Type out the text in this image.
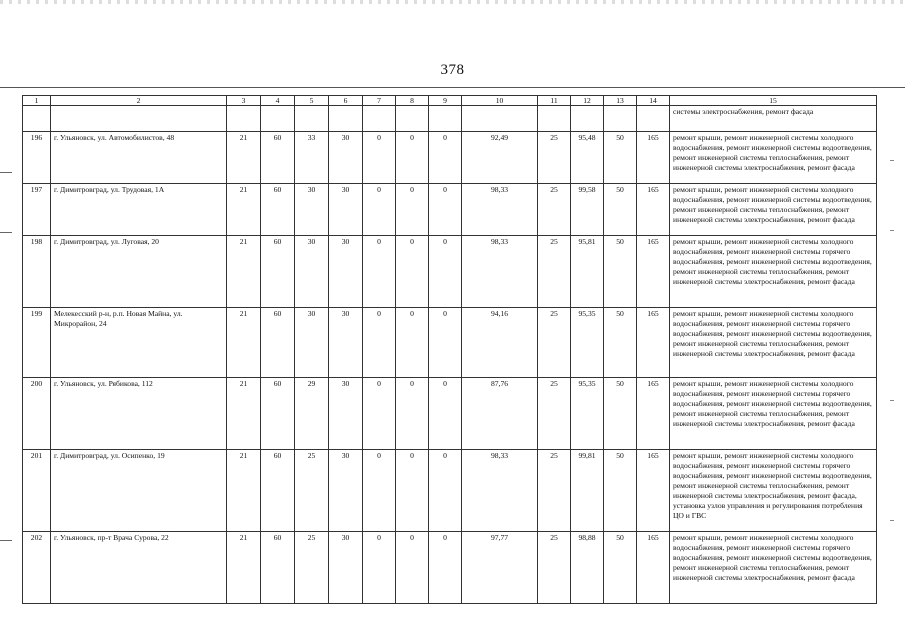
378
1	2	3	4	5	6	7	8	9	10	11	12	13	14	15
														системы электроснабжения, ремонт фасада
196	г. Ульяновск, ул. Автомобилистов, 48	21	60	33	30	0	0	0	92,49	25	95,48	50	165	ремонт крыши, ремонт инженерной системы холодного водоснабжения, ремонт инженерной системы водоотведения, ремонт инженерной системы теплоснабжения, ремонт инженерной системы электроснабжения, ремонт фасада
197	г. Димитровград, ул. Трудовая, 1А	21	60	30	30	0	0	0	98,33	25	99,58	50	165	ремонт крыши, ремонт инженерной системы холодного водоснабжения, ремонт инженерной системы водоотведения, ремонт инженерной системы теплоснабжения, ремонт инженерной системы электроснабжения, ремонт фасада
198	г. Димитровград, ул. Луговая, 20	21	60	30	30	0	0	0	98,33	25	95,81	50	165	ремонт крыши, ремонт инженерной системы холодного водоснабжения, ремонт инженерной системы горячего водоснабжения, ремонт инженерной системы водоотведения, ремонт инженерной системы теплоснабжения, ремонт инженерной системы электроснабжения, ремонт фасада
199	Мелекесский р-н, р.п. Новая Майна, ул. Микрорайон, 24	21	60	30	30	0	0	0	94,16	25	95,35	50	165	ремонт крыши, ремонт инженерной системы холодного водоснабжения, ремонт инженерной системы горячего водоснабжения, ремонт инженерной системы водоотведения, ремонт инженерной системы теплоснабжения, ремонт инженерной системы электроснабжения, ремонт фасада
200	г. Ульяновск, ул. Рябикова, 112	21	60	29	30	0	0	0	87,76	25	95,35	50	165	ремонт крыши, ремонт инженерной системы холодного водоснабжения, ремонт инженерной системы горячего водоснабжения, ремонт инженерной системы водоотведения, ремонт инженерной системы теплоснабжения, ремонт инженерной системы электроснабжения, ремонт фасада
201	г. Димитровград, ул. Осипенко, 19	21	60	25	30	0	0	0	98,33	25	99,81	50	165	ремонт крыши, ремонт инженерной системы холодного водоснабжения, ремонт инженерной системы горячего водоснабжения, ремонт инженерной системы водоотведения, ремонт инженерной системы теплоснабжения, ремонт инженерной системы электроснабжения, ремонт фасада, установка узлов управления и регулирования потребления ЦО и ГВС
202	г. Ульяновск, пр-т Врача Сурова, 22	21	60	25	30	0	0	0	97,77	25	98,88	50	165	ремонт крыши, ремонт инженерной системы холодного водоснабжения, ремонт инженерной системы горячего водоснабжения, ремонт инженерной системы водоотведения, ремонт инженерной системы теплоснабжения, ремонт инженерной системы электроснабжения, ремонт фасада
